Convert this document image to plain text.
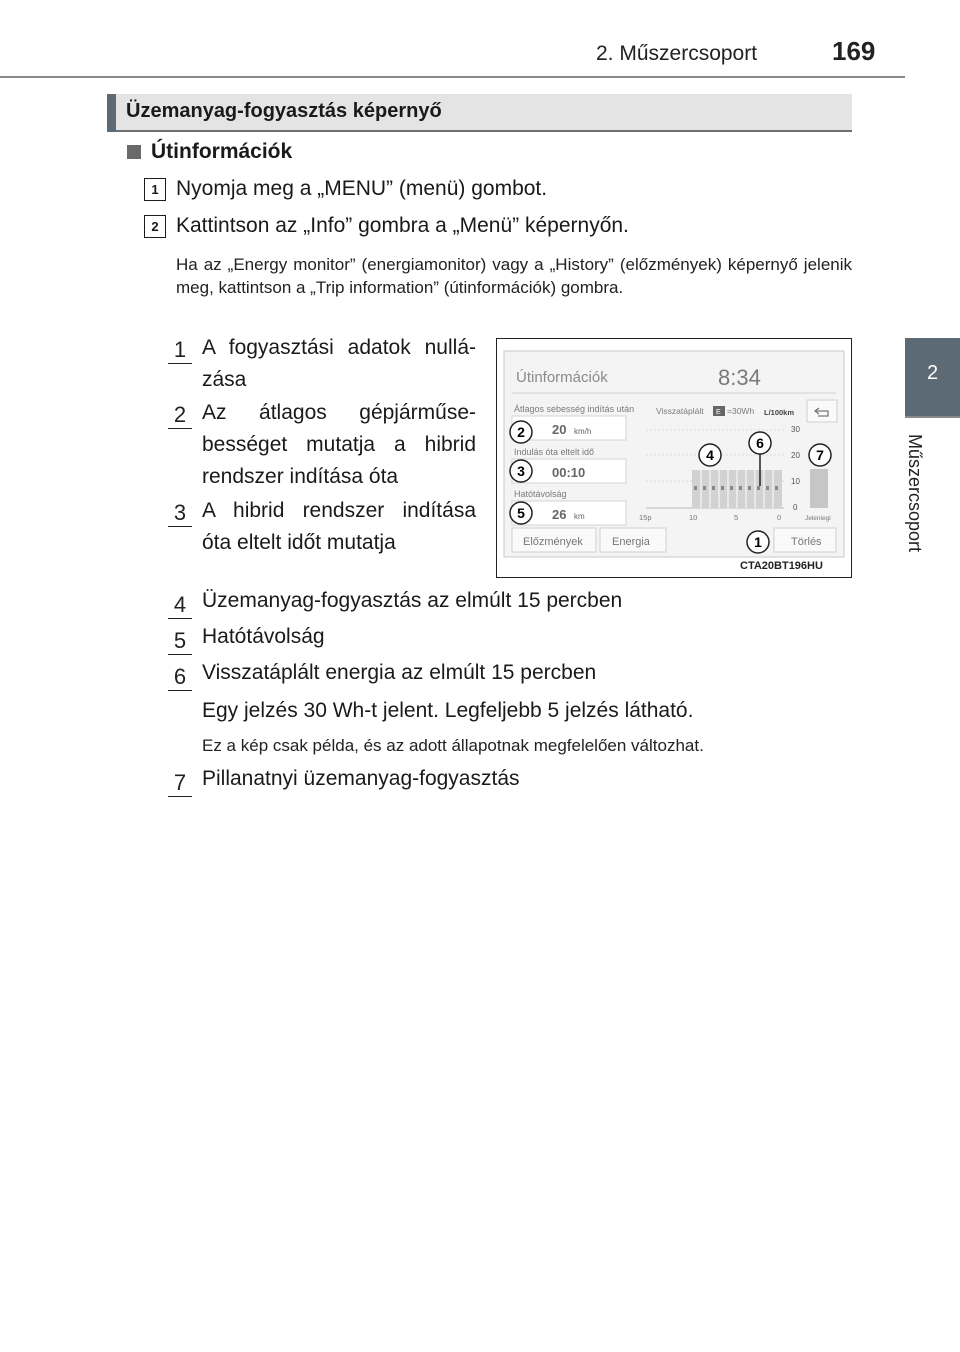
2. Műszercsoport	169
2
Műszercsoport
Üzemanyag-fogyasztás képernyő
Útinformációk
1 Nyomja meg a „MENU” (menü) gombot.
2 Kattintson az „Info” gombra a „Menü” képernyőn.
Ha az „Energy monitor” (energiamonitor) vagy a „History” (előzmények) képernyő jelenik meg, kattintson a „Trip information” (útinformációk) gombra.
1 A fogyasztási adatok nullá-
zása
2 Az átlagos gépjárműse-
bességet mutatja a hibrid
rendszer indítása óta
3 A hibrid rendszer indítása
óta eltelt időt mutatja
Útinformációk	8:34
Átlagos sebesség indítás után
20 km/h
Indulás óta eltelt idő
00:10
Hatótávolság
26 km
Visszatáplált E =30Wh L/100km
30
20
10
0
15p	10	5	0	Jelenlegi
Előzmények	Energia	Törlés
2
3
5
4
6
7
1
CTA20BT196HU
4 Üzemanyag-fogyasztás az elmúlt 15 percben
5 Hatótávolság
6 Visszatáplált energia az elmúlt 15 percben
Egy jelzés 30 Wh-t jelent. Legfeljebb 5 jelzés látható.
Ez a kép csak példa, és az adott állapotnak megfelelően változhat.
7 Pillanatnyi üzemanyag-fogyasztás
